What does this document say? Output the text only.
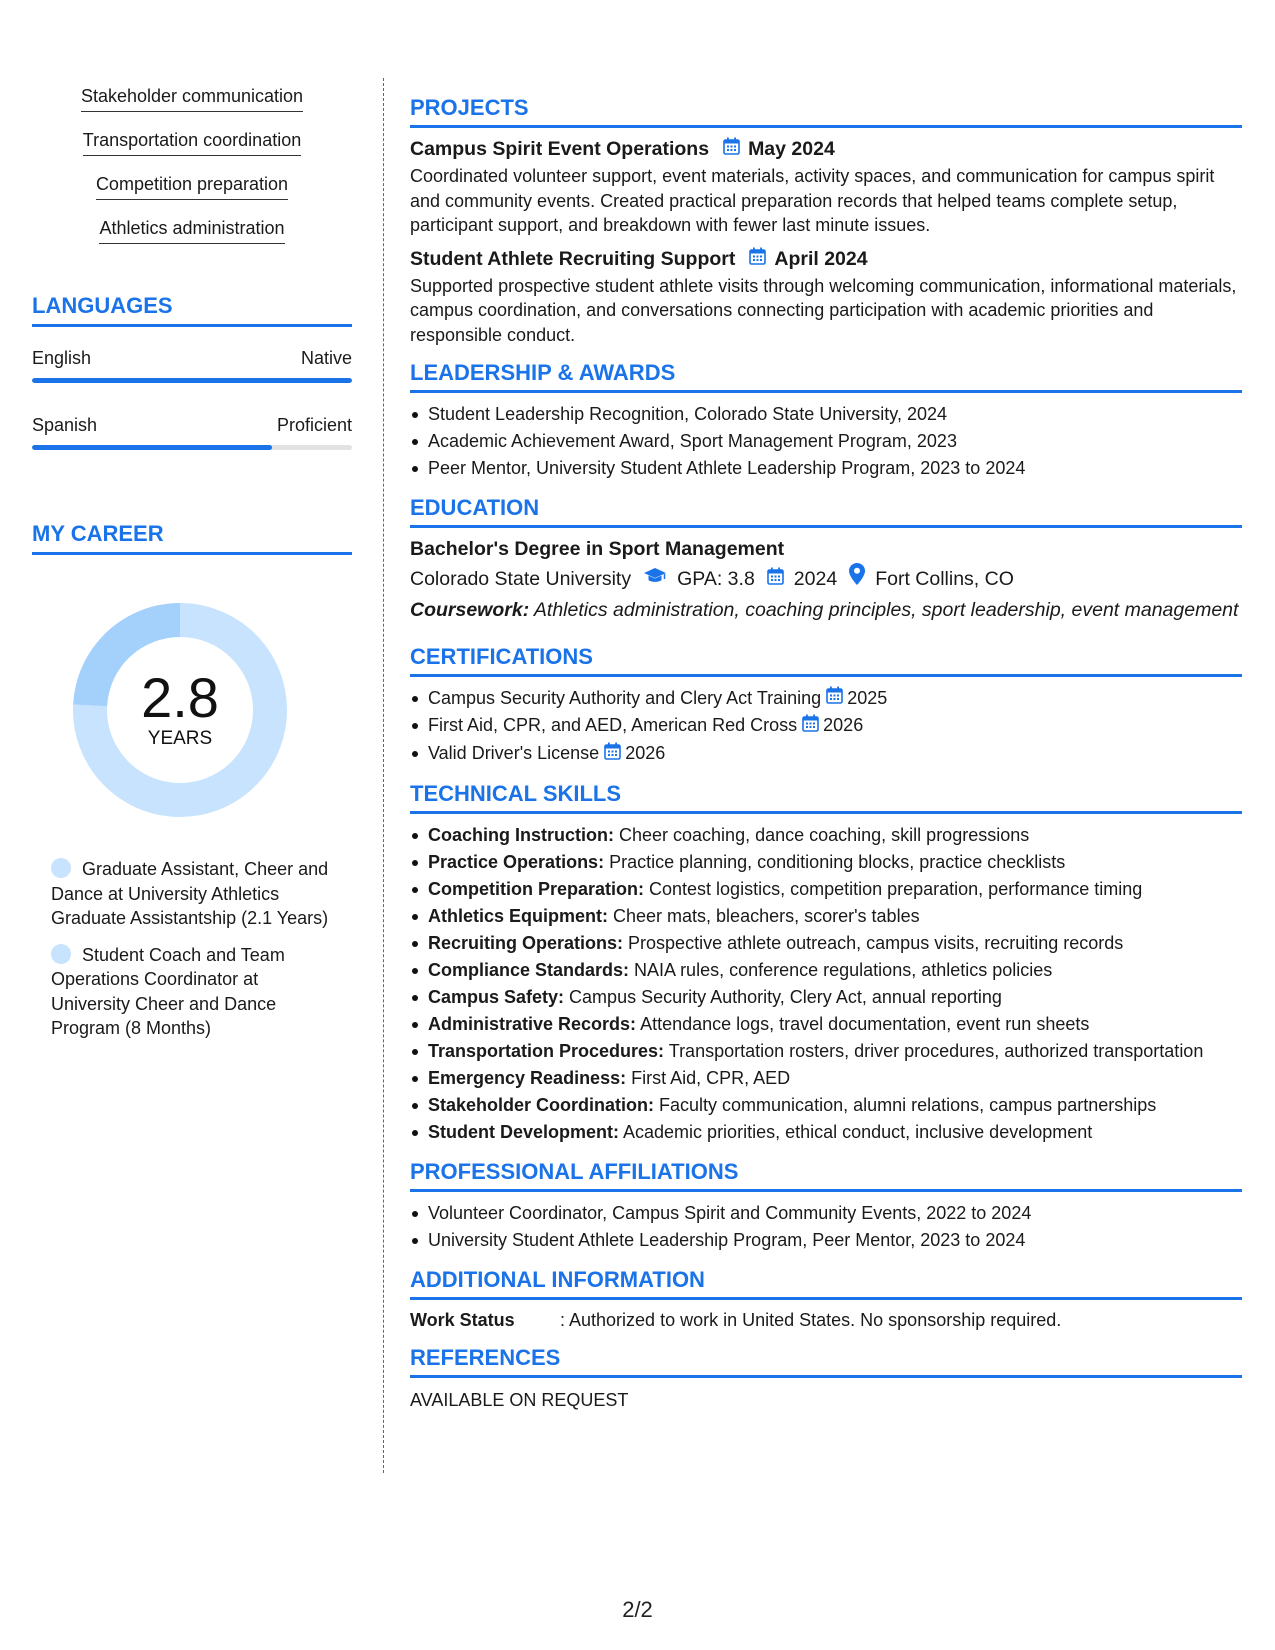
Stakeholder communication
Transportation coordination
Competition preparation
Athletics administration
LANGUAGES
English	Native
Spanish	Proficient
MY CAREER
2.8
YEARS
Graduate Assistant, Cheer and Dance at University Athletics Graduate Assistantship (2.1 Years)
Student Coach and Team Operations Coordinator at University Cheer and Dance Program (8 Months)
PROJECTS
Campus Spirit Event Operations May 2024
Coordinated volunteer support, event materials, activity spaces, and communication for campus spirit and community events. Created practical preparation records that helped teams complete setup, participant support, and breakdown with fewer last minute issues.
Student Athlete Recruiting Support April 2024
Supported prospective student athlete visits through welcoming communication, informational materials, campus coordination, and conversations connecting participation with academic priorities and responsible conduct.
LEADERSHIP & AWARDS
Student Leadership Recognition, Colorado State University, 2024
Academic Achievement Award, Sport Management Program, 2023
Peer Mentor, University Student Athlete Leadership Program, 2023 to 2024
EDUCATION
Bachelor's Degree in Sport Management
Colorado State University GPA: 3.8 2024 Fort Collins, CO
Coursework: Athletics administration, coaching principles, sport leadership, event management
CERTIFICATIONS
Campus Security Authority and Clery Act Training 2025
First Aid, CPR, and AED, American Red Cross 2026
Valid Driver's License 2026
TECHNICAL SKILLS
Coaching Instruction: Cheer coaching, dance coaching, skill progressions
Practice Operations: Practice planning, conditioning blocks, practice checklists
Competition Preparation: Contest logistics, competition preparation, performance timing
Athletics Equipment: Cheer mats, bleachers, scorer's tables
Recruiting Operations: Prospective athlete outreach, campus visits, recruiting records
Compliance Standards: NAIA rules, conference regulations, athletics policies
Campus Safety: Campus Security Authority, Clery Act, annual reporting
Administrative Records: Attendance logs, travel documentation, event run sheets
Transportation Procedures: Transportation rosters, driver procedures, authorized transportation
Emergency Readiness: First Aid, CPR, AED
Stakeholder Coordination: Faculty communication, alumni relations, campus partnerships
Student Development: Academic priorities, ethical conduct, inclusive development
PROFESSIONAL AFFILIATIONS
Volunteer Coordinator, Campus Spirit and Community Events, 2022 to 2024
University Student Athlete Leadership Program, Peer Mentor, 2023 to 2024
ADDITIONAL INFORMATION
Work Status	: Authorized to work in United States. No sponsorship required.
REFERENCES
AVAILABLE ON REQUEST
2/2
